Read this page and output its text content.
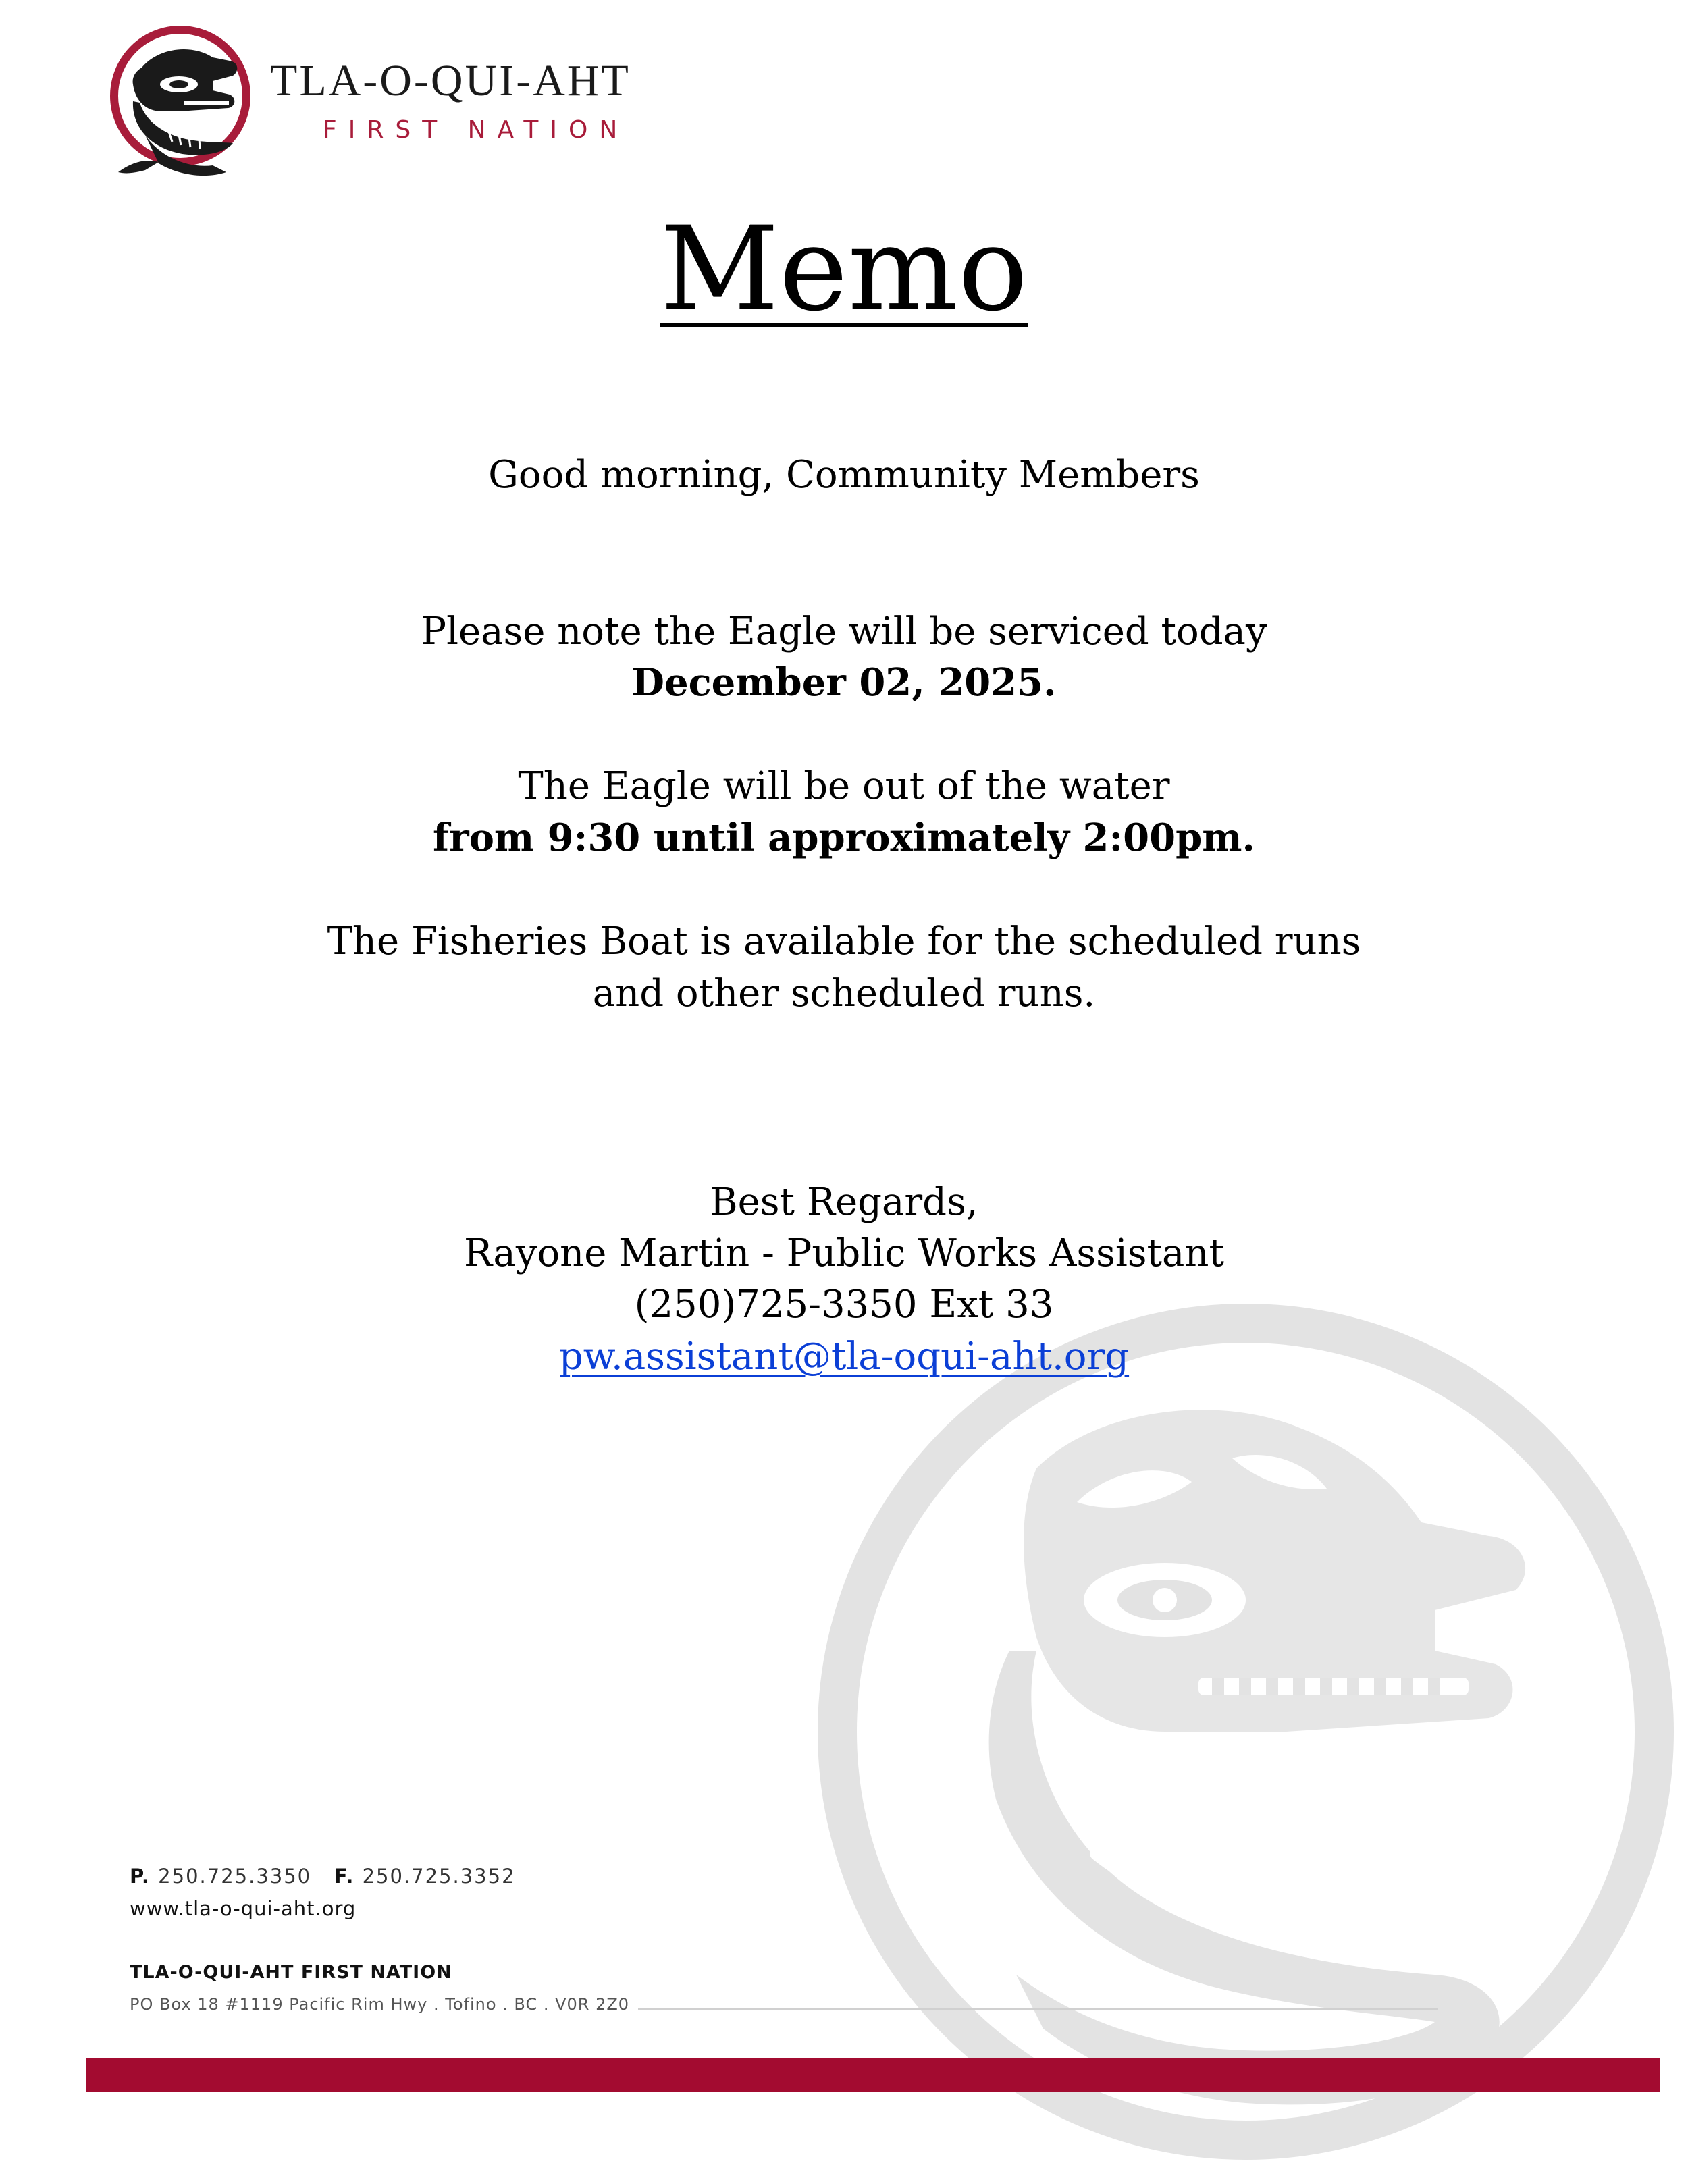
TLA-O-QUI-AHT
FIRST NATION
Memo
Good morning, Community Members
Please note the Eagle will be serviced today
December 02, 2025.
The Eagle will be out of the water
from 9:30 until approximately 2:00pm.
The Fisheries Boat is available for the scheduled runs
and other scheduled runs.
Best Regards,
Rayone Martin - Public Works Assistant
(250)725-3350 Ext 33
pw.assistant@tla-oqui-aht.org
P. 250.725.3350 F. 250.725.3352
www.tla-o-qui-aht.org
TLA-O-QUI-AHT FIRST NATION
PO Box 18 #1119 Pacific Rim Hwy . Tofino . BC . V0R 2Z0
